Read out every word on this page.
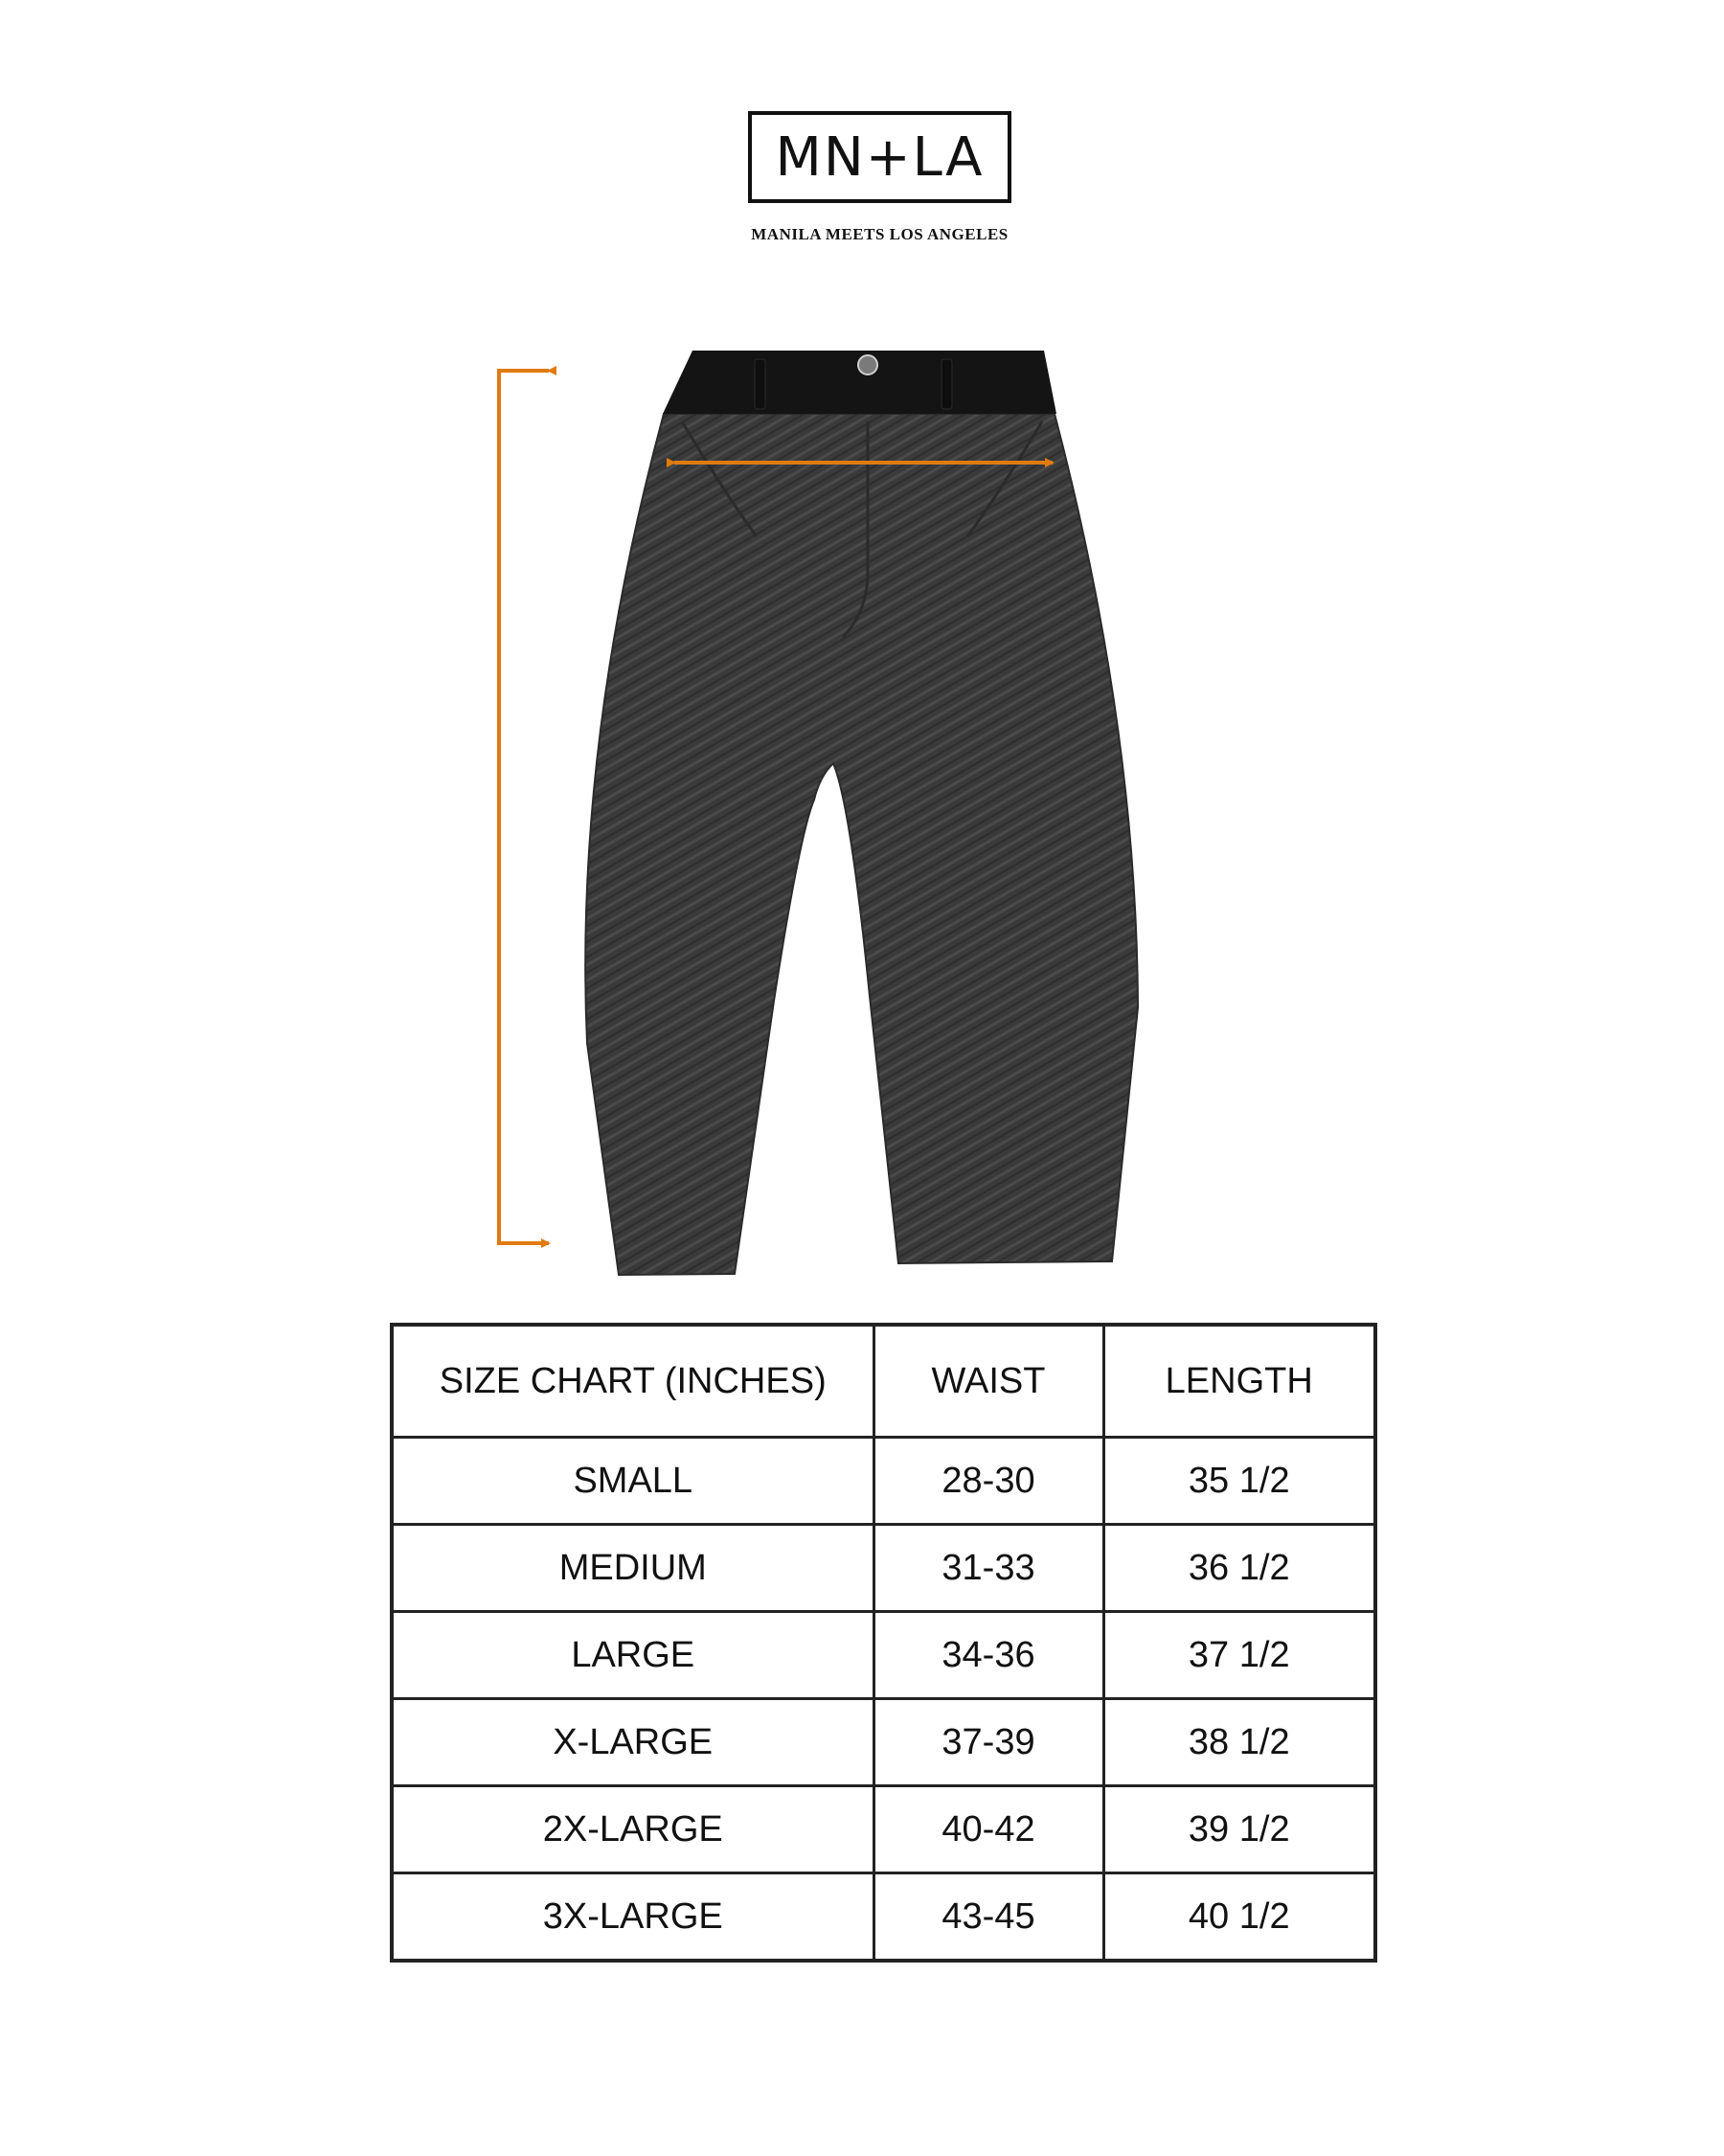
MN+LA
MANILA MEETS LOS ANGELES
SIZE CHART (INCHES)	WAIST	LENGTH
SMALL	28-30	35 1/2
MEDIUM	31-33	36 1/2
LARGE	34-36	37 1/2
X-LARGE	37-39	38 1/2
2X-LARGE	40-42	39 1/2
3X-LARGE	43-45	40 1/2
